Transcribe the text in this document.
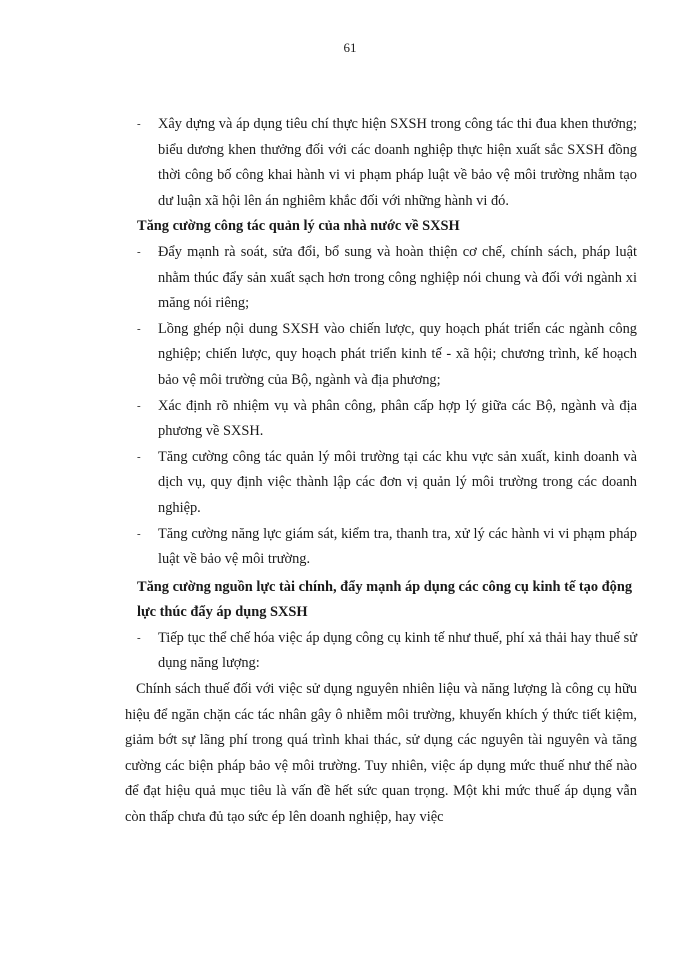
61
- Xây dựng và áp dụng tiêu chí thực hiện SXSH trong công tác thi đua khen thưởng; biểu dương khen thưởng đối với các doanh nghiệp thực hiện xuất sắc SXSH đồng thời công bố công khai hành vi vi phạm pháp luật về bảo vệ môi trường nhằm tạo dư luận xã hội lên án nghiêm khắc đối với những hành vi đó.
Tăng cường công tác quản lý của nhà nước về SXSH
- Đẩy mạnh rà soát, sửa đổi, bổ sung và hoàn thiện cơ chế, chính sách, pháp luật nhằm thúc đẩy sản xuất sạch hơn trong công nghiệp nói chung và đối với ngành xi măng nói riêng;
- Lồng ghép nội dung SXSH vào chiến lược, quy hoạch phát triển các ngành công nghiệp; chiến lược, quy hoạch phát triển kinh tế - xã hội; chương trình, kế hoạch bảo vệ môi trường của Bộ, ngành và địa phương;
- Xác định rõ nhiệm vụ và phân công, phân cấp hợp lý giữa các Bộ, ngành và địa phương về SXSH.
- Tăng cường công tác quản lý môi trường tại các khu vực sản xuất, kinh doanh và dịch vụ, quy định việc thành lập các đơn vị quản lý môi trường trong các doanh nghiệp.
- Tăng cường năng lực giám sát, kiểm tra, thanh tra, xử lý các hành vi vi phạm pháp luật về bảo vệ môi trường.
Tăng cường nguồn lực tài chính, đẩy mạnh áp dụng các công cụ kinh tế tạo động lực thúc đẩy áp dụng SXSH
- Tiếp tục thể chế hóa việc áp dụng công cụ kinh tế như thuế, phí xả thải hay thuế sử dụng năng lượng:
Chính sách thuế đối với việc sử dụng nguyên nhiên liệu và năng lượng là công cụ hữu hiệu để ngăn chặn các tác nhân gây ô nhiễm môi trường, khuyến khích ý thức tiết kiệm, giảm bớt sự lãng phí trong quá trình khai thác, sử dụng các nguyên tài nguyên và tăng cường các biện pháp bảo vệ môi trường. Tuy nhiên, việc áp dụng mức thuế như thế nào để đạt hiệu quả mục tiêu là vấn đề hết sức quan trọng. Một khi mức thuế áp dụng vẫn còn thấp chưa đủ tạo sức ép lên doanh nghiệp, hay việc
